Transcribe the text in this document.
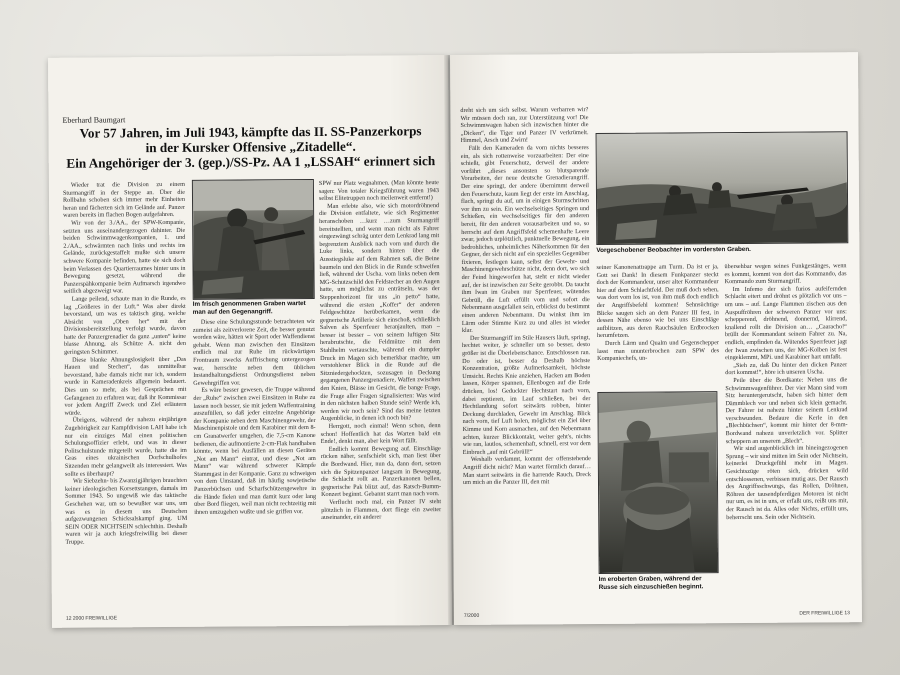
Eberhard Baumgart
Vor 57 Jahren, im Juli 1943, kämpfte das II. SS-Panzerkorps
in der Kursker Offensive „Zitadelle“.
Ein Angehöriger der 3. (gep.)/SS-Pz. AA 1 „LSSAH“ erinnert sich

Wieder trat die Division zu einem Sturmangriff in der Steppe an. Über die Rollbahn schoben sich immer mehr Einheiten heran und fächerten sich im Gelände auf. Panzer waren bereits im flachen Bogen aufgefahren.

Wir von der 3./AA., der SPW-Kompanie, setzten uns auseinandergezogen dahinter. Die beiden Schwimmwagenkompanien, 1. und 2./AA., schwärmten nach links und rechts ins Gelände, zurückgestaffelt mußte sich unsere schwere Kompanie befinden, hatte sie sich doch beim Verlassen des Quartierraumes hinter uns in Bewegung gesetzt, während die Panzerspähkompanie beim Aufmarsch irgendwo seitlich abgezweigt war.

Lange peilend, schaute man in die Runde, es lag „Größeres in der Luft.“ Was aber direkt bevorstand, um was es taktisch ging, welche Absicht von „Oben her“ mit der Divisionsbereitstellung verfolgt wurde, davon hatte der Panzergrenadier da ganz „unten“ keine blasse Ahnung, als Schütze A. nicht den geringsten Schimmer.

Diese blanke Ahnungslosigkeit über „Das Hauen und Stechen“, das unmittelbar bevorstand, habe damals nicht nur ich, sondern wurde in Kameradenkreis allgemein bedauert. Dies um so mehr, als bei Gesprächen mit Gefangenen zu erfahren war, daß ihr Kommissar vor jedem Angriff Zweck und Ziel erläutern würde.

Übrigens, während der nahezu einjährigen Zugehörigkeit zur Kampfdivision LAH habe ich nur ein einziges Mal einen politischen Schulungsoffizier erlebt, und was in dieser Politschulstunde mitgeteilt wurde, hatte die im Gras eines ukrainischen Dorfschulhofes Sitzenden mehr gelangweilt als interessiert. Was sollte es überhaupt?

Wir Siebzehn- bis Zwanzigjährigen brauchten keiner ideologischen Korsettstangen, damals im Sommer 1943. So ungewiß wie das taktische Geschehen war, um so bewußter war uns, um was es in diesem uns Deutschen aufgezwungenen Schicksalskampf ging. UM SEIN ODER NICHTSEIN schlechthin. Deshalb waren wir ja auch kriegsfreiwillig bei dieser Truppe.

Im frisch genommenen Graben wartet man auf den Gegenangriff.

Diese eine Schulungsstunde betrachteten wir zumeist als zeitverlorene Zeit, die besser genutzt worden wäre, hätten wir Sport oder Waffendienst gehabt. Wenn man zwischen den Einsätzen endlich mal zur Ruhe im rückwärtigen Frontraum zwecks Auffrischung untergezogen war, herrschte neben dem üblichen Instandhaltungsdienst Ordnungsdienst neben Gewehrgriffen vor.

Es wäre besser gewesen, die Truppe während der „Ruhe“ zwischen zwei Einsätzen in Ruhe zu lassen noch besser, sie mit jedem Waffentraining auszufüllen, so daß jeder einzelne Angehörige der Kompanie neben dem Maschinengewehr, der Maschinenpistole und dem Karabiner mit dem 8-cm Granatwerfer umgehen, die 7,5-cm Kanone bedienen, die aufmontierte 2-cm-Flak handhaben könnte, wenn bei Ausfällen an diesen Geräten „Not am Mann“ eintrat, und diese „Not am Mann“ war während schwerer Kämpfe Stammgast in der Kompanie. Ganz zu schweigen von dem Umstand, daß im häufig sowjetische Panzerbüchsen und Scharfschützengewehre in die Hände fielen und man damit kurz oder lang über Bord fliegen, weil man nicht rechtzeitig mit ihnen umzugehen wußte und sie griffen vor.

SPW nur Platz wegnahmen. (Man könnte heute sagen: Von totaler Kriegsführung waren 1943 selbst Elitetruppen noch meilenweit entfernt!)

Man erlebte also, wie sich motordröhnend die Division entfaltete, wie sich Regimenter heranschoben …kurz …zum Sturmangriff bereitstellten, und wenn man nicht als Fahrer eingezwängt schräg unter dem Lenkrad lang mit begrenztem Ausblick nach vorn und durch die Luke links, sondern hinten über die Ausstiegsluke auf dem Rahmen saß, die Beine baumeln und den Blick in die Runde schweifen ließ, während der Uscha. vom links neben dem MG-Schutzschild den Feldstecher an den Augen hatte, um möglichst zu enträtseln, was der Steppenhorizont für uns „in petto“ hatte, während die ersten „Koffer“ der anderen Feldgeschütze herüberkamen, wenn die gegnerische Artillerie sich einschoß, schließlich Salven als Sperrfeuer heranjaulten, man – besser ist besser – von seinem luftigen Sitz herabrutschte, die Feldmütze mit dem Stahlhelm vertauschte, während ein dumpfer Druck im Magen sich bemerkbar machte, um verstohlener Blick in die Runde auf die Sitzniedergehockten, sozusagen in Deckung gegangenen Panzergrenadiere, Waffen zwischen den Knien, Blässe im Gesicht, die bange Frage, die Frage aller Fragen signalisierten: Was wird in den nächsten halben Stunde sein? Werde ich, werden wir noch sein? Sind das meine letzten Augenblicke, in denen ich noch bin?

Herrgott, noch einmal! Wenn schon, denn schon! Hoffentlich hat das Warten bald ein Ende!, denkt man, aber kein Wort fällt.

Endlich kommt Bewegung auf. Einschläge rücken näher, senfschiebt sich, man liest über die Bordwand. Hier, nun da, dann dort, setzen sich die Spitzenpanzer langsam in Bewegung, die Schlacht rollt an. Panzerkanonen bellen, gegnerische Pak blitzt auf, das Ratsch-Bumm-Konzert beginnt. Gebannt starrt man nach vorn.

Verflucht noch mal, ein Panzer IV steht plötzlich in Flammen, dort fliege ein zweiter auseinander, ein anderer

12 2000 FREIWILLIGE

dreht sich um sich selbst. Warum verharren wir? Wir müssen doch ran, zur Unterstützung vor! Die Schwimmwagen haben sich inzwischen hinter die „Dicken“, die Tiger und Panzer IV verkrümelt. Himmel, Arsch und Zwirn!

Fällt den Kameraden da vorn nichts besseres ein, als sich rottenweise vorzuarbeiten: Der eine schießt, gibt Feuerschutz, derweil der andere vorfährt „dieses ansonsten so blutsparende Vorarbeiten, der neue deutsche Grenadierangriff. Der eine springt, der andere übernimmt derweil den Feuerschutz, kaum liegt der erste im Anschlag, flach, springt du auf, um in einigen Sturmschritten vor ihm zu sein. Ein wechselseitiges Springen und Schießen, ein wechselseitiges für den anderen bereit, für den anderen vorausarbeiten und so, so herrscht auf dem Angriffsfeld schemenhafte Leere zwar, jedoch urplötzlich, punktuelle Bewegung, ein bedrohliches, unheimliches Näherkommen für den Gegner, der sich nicht auf ein spezielles Gegenüber fixieren, festlegen kann, selbst der Gewehr- und Maschinengewehrschütze nicht, denn dort, wo sich der Feind hingeworfen hat, steht er nicht wieder auf, der ist inzwischen zur Seite gerobbt. Da taucht ihm Iwan im Graben nur Sperrfeuer, wütendes Gebrüll, die Luft erfüllt vom und sofort die Nebenmann ausgefallen sein, erblickst du bestimmt einen anderen Nebenmann. Du winkst ihm im Lärm oder Stimme Kurz zu und alles ist wieder klar.

Der Sturmangriff im Stile Hausers läuft, springt, hechtet weiter, je schneller um so besser, desto größer ist die Überlebenschance. Entschlossen ran. Do oder ist, besser da Deshalb höchste Konzentration, größte Aufmerksamkeit, höchste Umsicht. Rechts Knie anziehen, Hacken am Boden lassen, Körper spannen, Ellenbogen auf die Erde drücken, los! Geduckter Hechtstart nach vorn, dabei reptieren, im Lauf schließen, bei der Hechtlandung sofort seitwärts robben, hinter Deckung durchladen, Gewehr im Anschlag. Blick nach vorn, tief Luft holen, möglichst ein Ziel über Kimme und Korn ausmachen, auf den Nebenmann achten, kurzer Blickkontakt, weiter geht's, nichts wie ran, lautlos, schemenhaft, schnell, erst vor dem Einbruch „auf mit Gebrüll!“

Weshalb verdammt, kommt der offenstehende Angriff dicht nicht? Man wartet förmlich darauf… Man starrt seitwärts in die harrende Rauch, Dreck um mich an die Panzer III, den mit

Vorgeschobener Beobachter im vordersten Graben.

seiner Kanonenattrappe am Turm. Da ist er ja, Gott sei Dank! In diesem Funkpanzer steckt doch der Kommandeur, unser alter Kommandeur hier auf dem Schlachtfeld. Der muß doch sehen, was dort vorn los ist, von ihm muß doch endlich der Angriffsbefehl kommen! Sehnsüchtige Blicke saugen sich an dem Panzer III fest, in dessen Nähe ebenso wie bei uns Einschläge aufblitzen, aus deren Rauchsäulen Erdbrocken herumfetzen.

Durch Lärm und Qualm und Gegenschepper lasst man ununterbrochen zum SPW des Kompaniechefs, un-

Im eroberten Graben, während der Russe sich einzuschießen beginnt.

übersehbar wegen seines Funkgestänges, wenn es kommt, kommt von dort das Kommando, das Kommando zum Sturmangriff.

Im Infemo der sich furios aufeifernden Schlacht eitert und dröhnt es plötzlich vor uns – um uns – auf. Lange Flammen zischen aus den Auspuffröhren der schweren Panzer vor uns: schepperend, dröhnend, donnernd, klirrend, knallend rollt die Division an… „Caaracho!“ brüllt der Kommandant seinem Fahrer zu. Na, endlich, empfinden da. Wütendes Sperrfeuer jagt der Iwan zwischen uns, der MG-Kolben ist fest eingeklemmt, MPi. und Karabiner hart umfaßt.

„Sieh zu, daß Du hinter den dicken Panzer dort kommst!“, höre ich unseren Uscha.

Peile über die Bordkante: Neben uns die Schwimmwagenführer. Der vier Mann sind vom Sitz heruntergerutscht, haben sich hinter dem Dämmblech vor und neben sich klein gemacht. Der Fahrer ist nahezu hinter seinem Lenkrad verschwunden. Bedaure die Kerle in den „Blechbüchsen“, kommt mir hinter der 8-mm-Bordwand nahezu unverletzlich vor. Splitter scheppern an unserem „Blech“.

Wir sind augenblicklich im hineingezogenen Sprung – wir sind mitten im Sein oder Nichtsein, keinerlei Druckgefühl mehr im Magen. Gesichtszüge röten sich, drücken wild entschlossenen, verbissen mutig aus. Der Rausch des Angriffsschwungs, das Rollen, Dröhnen, Röhren der tausendpferdigen Motoren ist nicht nur um, es ist in uns, er erfaßt uns, reißt uns mit, der Rausch ist da. Alles oder Nichts, erfüllt uns, beherrscht uns. Sein oder Nichtsein.

7/2000	DER FREIWILLIGE 13
